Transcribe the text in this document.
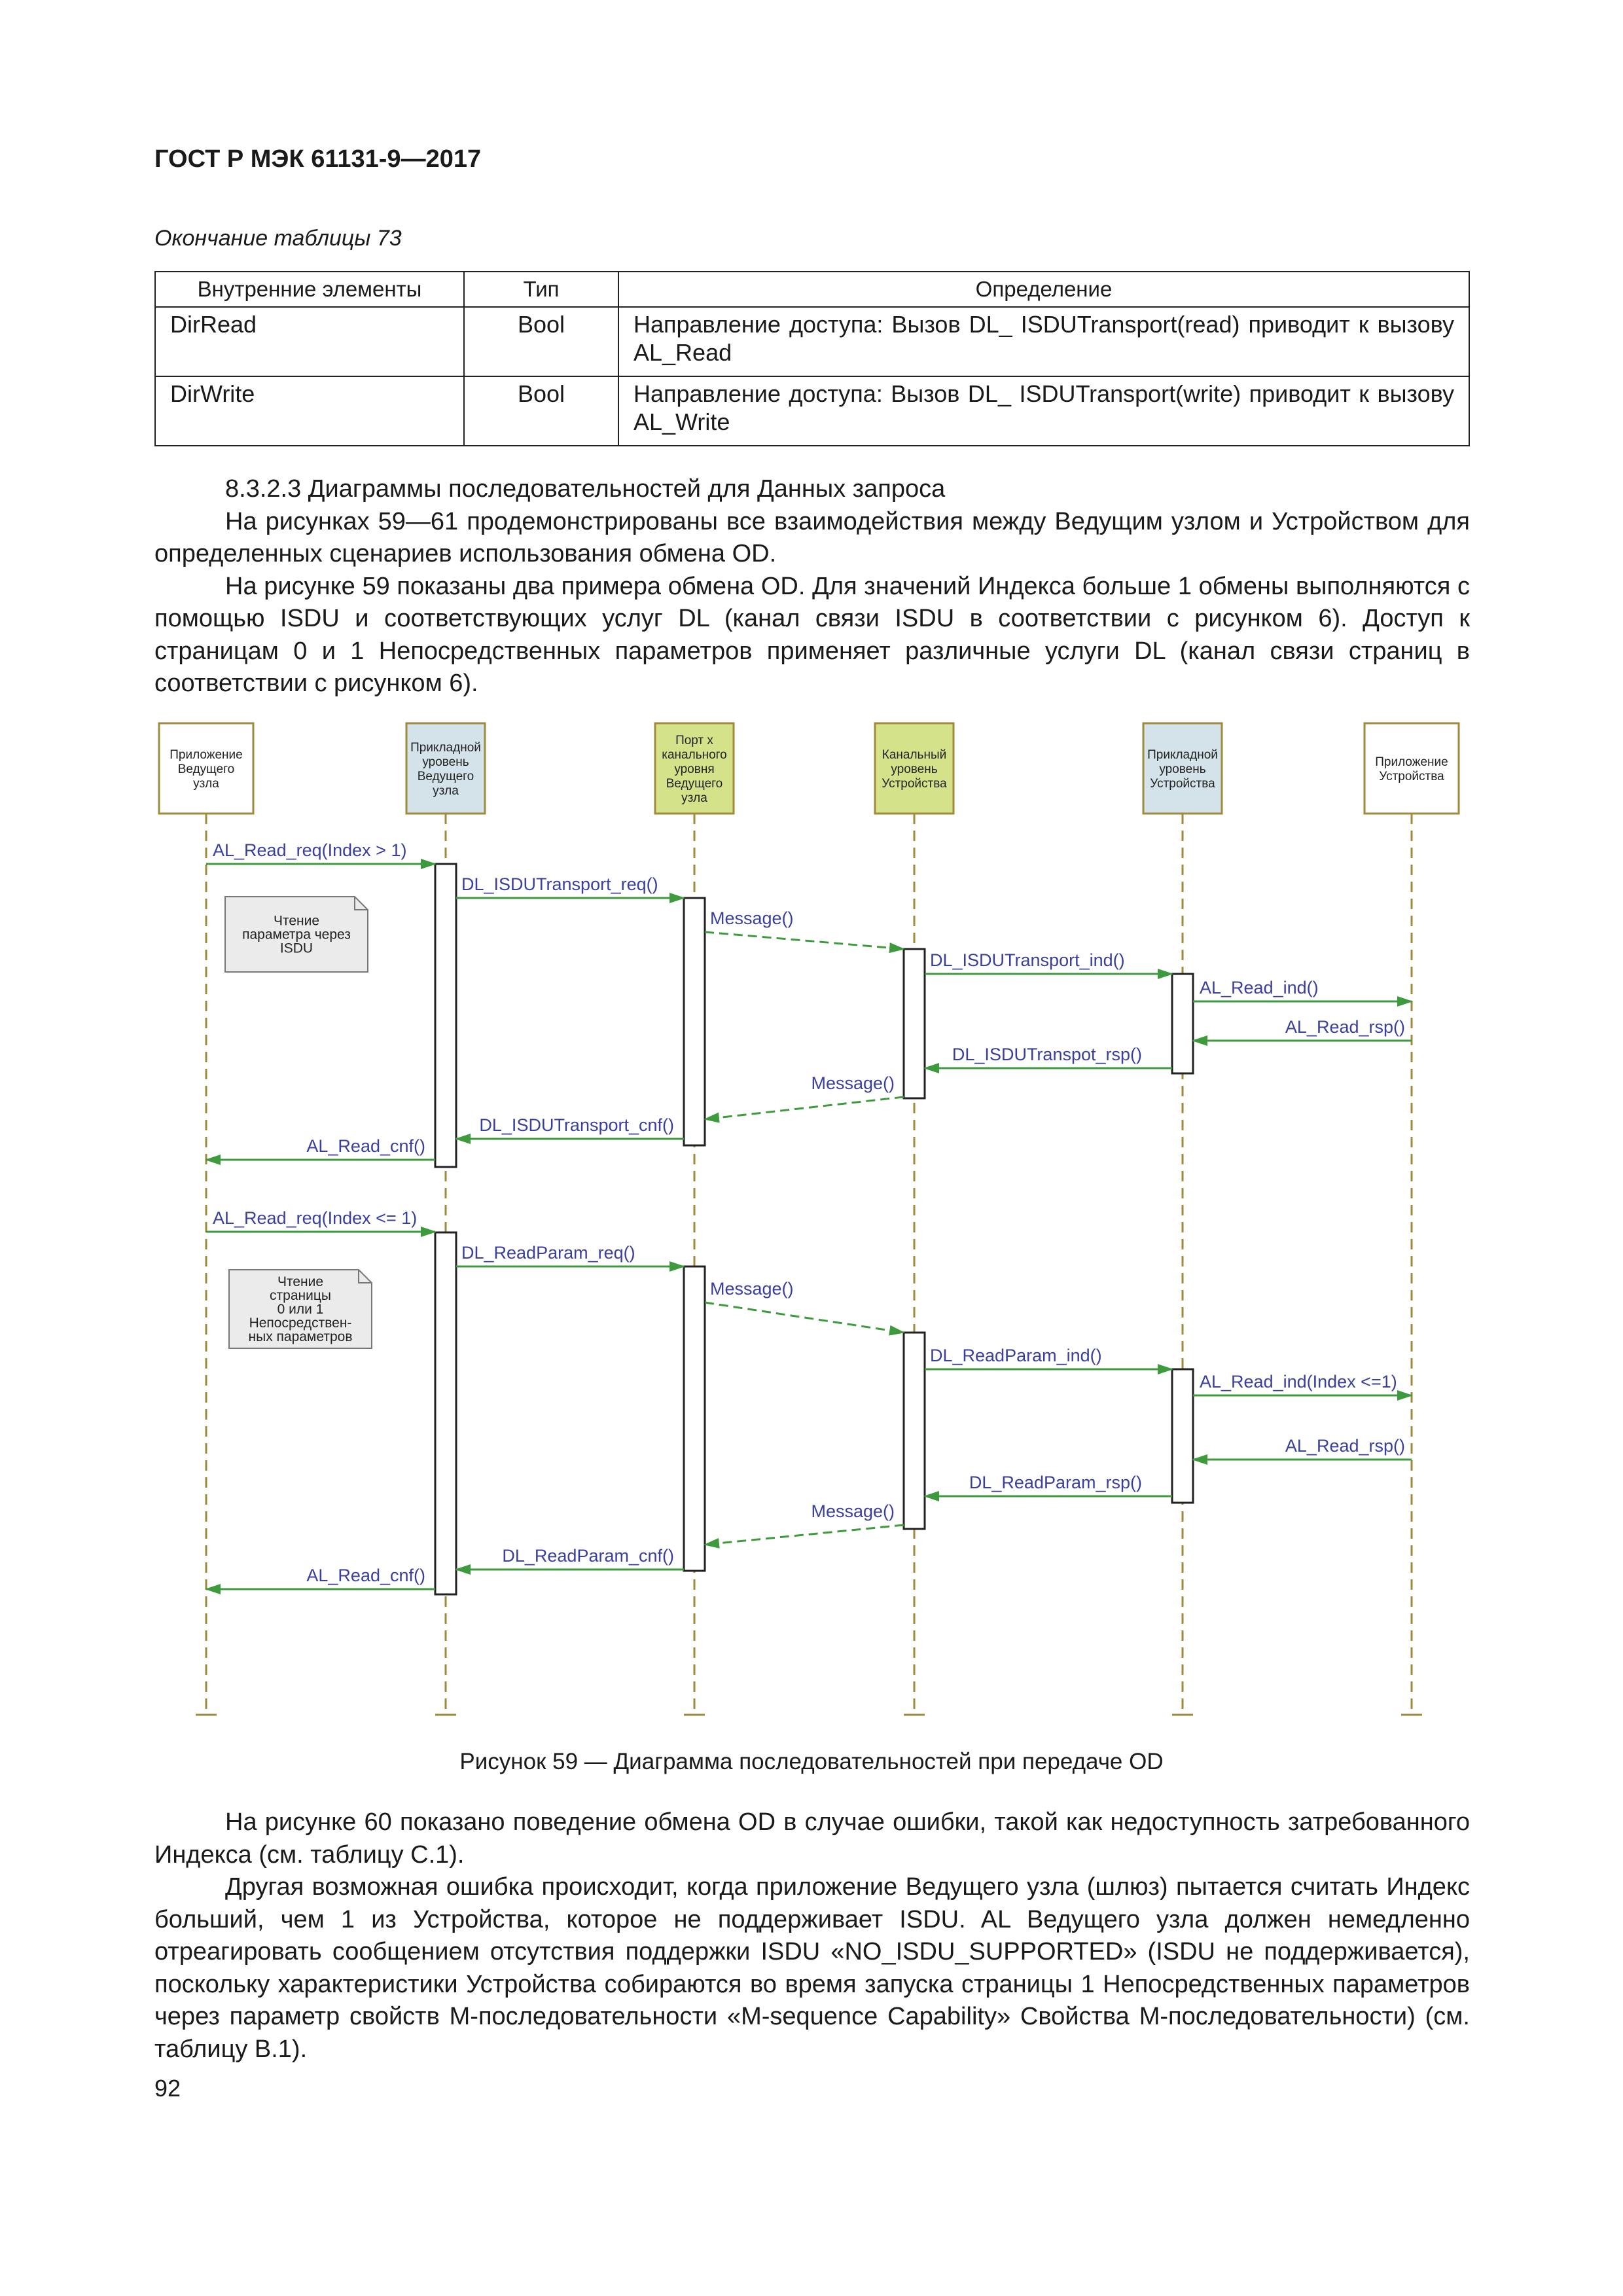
ГОСТ Р МЭК 61131-9—2017
Окончание таблицы 73
Внутренние элементы	Тип	Определение
DirRead	Bool	Направление доступа: Вызов DL_ ISDUTransport(read) приводит к вызову AL_Read
DirWrite	Bool	Направление доступа: Вызов DL_ ISDUTransport(write) приводит к вызову AL_Write

8.3.2.3 Диаграммы последовательностей для Данных запроса

На рисунках 59—61 продемонстрированы все взаимодействия между Ведущим узлом и Устройством для определенных сценариев использования обмена OD.

На рисунке 59 показаны два примера обмена OD. Для значений Индекса больше 1 обмены выполняются с помощью ISDU и соответствующих услуг DL (канал связи ISDU в соответствии с рисунком 6). Доступ к страницам 0 и 1 Непосредственных параметров применяет различные услуги DL (канал связи страниц в соответствии с рисунком 6).

Приложение Ведущего узла
Прикладной уровень Ведущего узла
Порт х канального уровня Ведущего узла
Канальный уровень Устройства
Прикладной уровень Устройства
Приложение Устройства
AL_Read_req(Index > 1)
DL_ISDUTransport_req()
Message()
DL_ISDUTransport_ind()
AL_Read_ind()
AL_Read_rsp()
DL_ISDUTranspot_rsp()
Message()
DL_ISDUTransport_cnf()
AL_Read_cnf()
AL_Read_req(Index <= 1)
DL_ReadParam_req()
Message()
DL_ReadParam_ind()
AL_Read_ind(Index <=1)
AL_Read_rsp()
DL_ReadParam_rsp()
Message()
DL_ReadParam_cnf()
AL_Read_cnf()
Чтение параметра через ISDU
Чтение страницы 0 или 1 Непосредствен-ных параметров
Рисунок 59 — Диаграмма последовательностей при передаче OD

На рисунке 60 показано поведение обмена OD в случае ошибки, такой как недоступность затребованного Индекса (см. таблицу С.1).

Другая возможная ошибка происходит, когда приложение Ведущего узла (шлюз) пытается считать Индекс больший, чем 1 из Устройства, которое не поддерживает ISDU. AL Ведущего узла должен немедленно отреагировать сообщением отсутствия поддержки ISDU «NO_ISDU_SUPPORTED» (ISDU не поддерживается), поскольку характеристики Устройства собираются во время запуска страницы 1 Непосредственных параметров через параметр свойств M-последовательности «M-sequence Capability» Свойства M-последовательности) (см. таблицу B.1).

92
